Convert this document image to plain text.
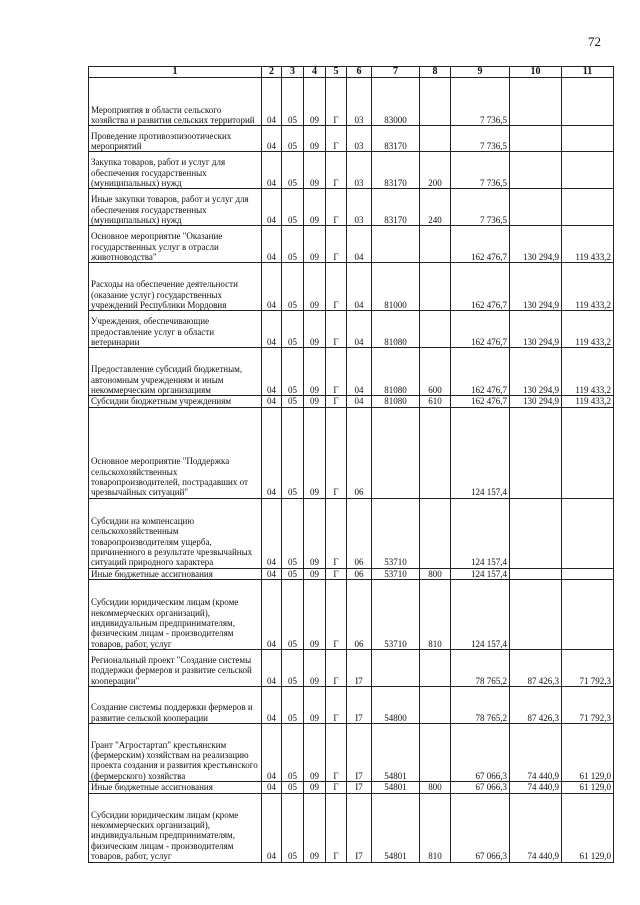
72
1	2	3	4	5	6	7	8	9	10	11
Мероприятия в области сельского хозяйства и развития сельских территорий	04	05	09	Г	03	83000		7 736,5		
Проведение противоэпизоотических мероприятий	04	05	09	Г	03	83170		7 736,5		
Закупка товаров, работ и услуг для обеспечения государственных (муниципальных) нужд	04	05	09	Г	03	83170	200	7 736,5		
Иные закупки товаров, работ и услуг для обеспечения государственных (муниципальных) нужд	04	05	09	Г	03	83170	240	7 736,5		
Основное мероприятие "Оказание государственных услуг в отрасли животноводства"	04	05	09	Г	04			162 476,7	130 294,9	119 433,2
Расходы на обеспечение деятельности (оказание услуг) государственных учреждений Республики Мордовия	04	05	09	Г	04	81000		162 476,7	130 294,9	119 433,2
Учреждения, обеспечивающие предоставление услуг в области ветеринарии	04	05	09	Г	04	81080		162 476,7	130 294,9	119 433,2
Предоставление субсидий бюджетным, автономным учреждениям и иным некоммерческим организациям	04	05	09	Г	04	81080	600	162 476,7	130 294,9	119 433,2
Субсидии бюджетным учреждениям	04	05	09	Г	04	81080	610	162 476,7	130 294,9	119 433,2
Основное мероприятие "Поддержка сельскохозяйственных товаропроизводителей, пострадавших от чрезвычайных ситуаций"	04	05	09	Г	06			124 157,4		
Субсидии на компенсацию сельскохозяйственным товаропроизводителям ущерба, причиненного в результате чрезвычайных ситуаций природного характера	04	05	09	Г	06	53710		124 157,4		
Иные бюджетные ассигнования	04	05	09	Г	06	53710	800	124 157,4		
Субсидии юридическим лицам (кроме некоммерческих организаций), индивидуальным предпринимателям, физическим лицам - производителям товаров, работ, услуг	04	05	09	Г	06	53710	810	124 157,4		
Региональный проект "Создание системы поддержки фермеров и развитие сельской кооперации"	04	05	09	Г	I7			78 765,2	87 426,3	71 792,3
Создание системы поддержки фермеров и развитие сельской кооперации	04	05	09	Г	I7	54800		78 765,2	87 426,3	71 792,3
Грант "Агростартап" крестьянским (фермерским) хозяйствам на реализацию проекта создания и развития крестьянского (фермерского) хозяйства	04	05	09	Г	I7	54801		67 066,3	74 440,9	61 129,0
Иные бюджетные ассигнования	04	05	09	Г	I7	54801	800	67 066,3	74 440,9	61 129,0
Субсидии юридическим лицам (кроме некоммерческих организаций), индивидуальным предпринимателям, физическим лицам - производителям товаров, работ, услуг	04	05	09	Г	I7	54801	810	67 066,3	74 440,9	61 129,0
